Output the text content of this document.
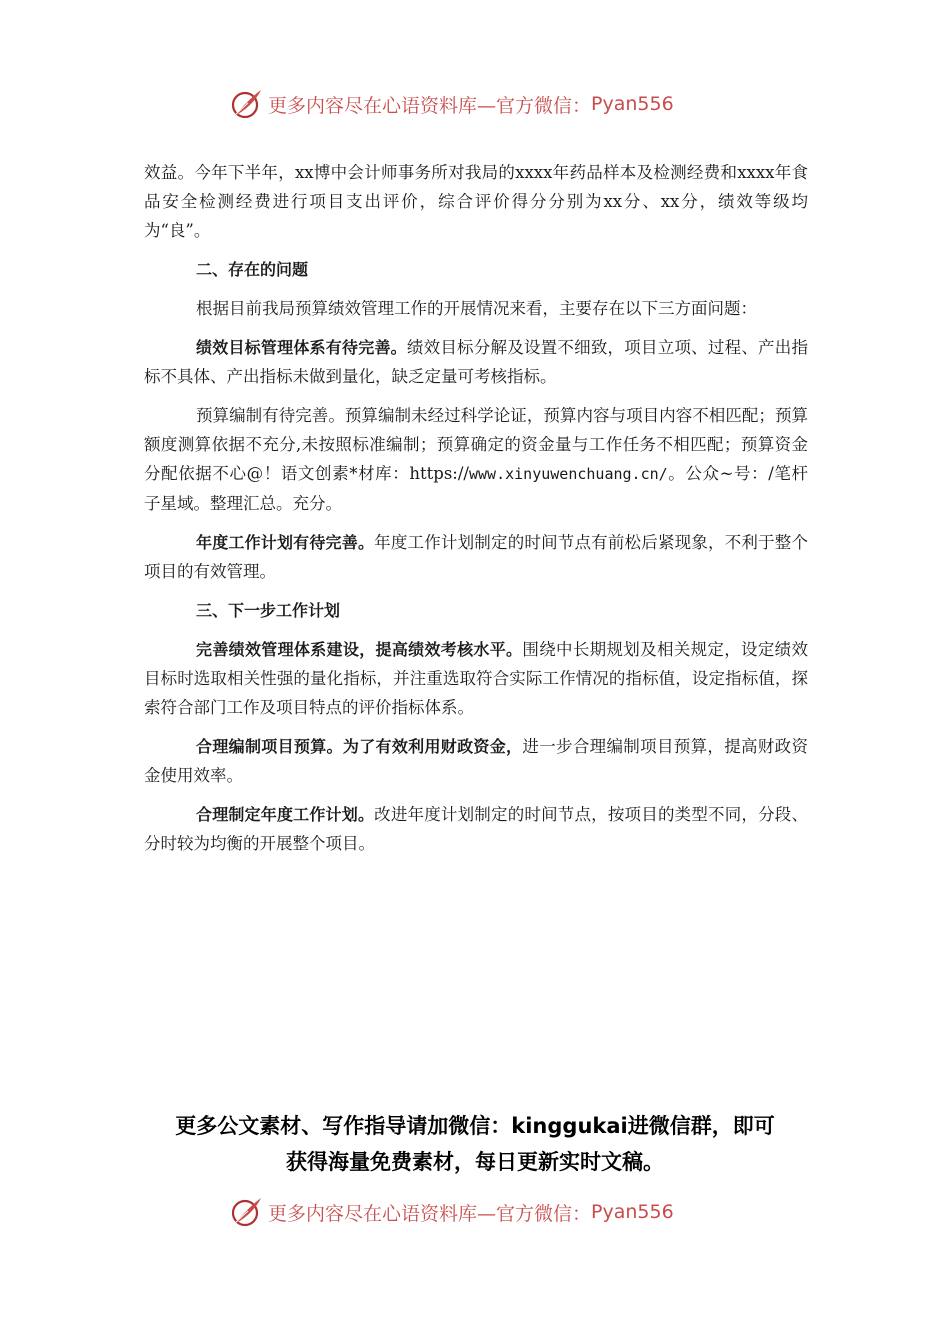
更多内容尽在心语资料库—官方微信： Pyan556

效益。今年下半年，xx博中会计师事务所对我局的xxxx年药品样本及检测经费和xxxx年食品安全检测经费进行项目支出评价，综合评价得分分别为xx分、xx分，绩效等级均为“良”。

二、存在的问题

根据目前我局预算绩效管理工作的开展情况来看，主要存在以下三方面问题：

绩效目标管理体系有待完善。绩效目标分解及设置不细致，项目立项、过程、产出指标不具体、产出指标未做到量化，缺乏定量可考核指标。

预算编制有待完善。预算编制未经过科学论证，预算内容与项目内容不相匹配；预算额度测算依据不充分,未按照标准编制；预算确定的资金量与工作任务不相匹配；预算资金分配依据不心@！语文创素*材库：https://www.xinyuwenchuang.cn/。公众~号：/笔杆子星域。整理汇总。充分。

年度工作计划有待完善。年度工作计划制定的时间节点有前松后紧现象，不利于整个项目的有效管理。

三、下一步工作计划

完善绩效管理体系建设，提高绩效考核水平。围绕中长期规划及相关规定，设定绩效目标时选取相关性强的量化指标，并注重选取符合实际工作情况的指标值，设定指标值，探索符合部门工作及项目特点的评价指标体系。

合理编制项目预算。为了有效利用财政资金，进一步合理编制项目预算，提高财政资金使用效率。

合理制定年度工作计划。改进年度计划制定的时间节点，按项目的类型不同，分段、分时较为均衡的开展整个项目。

更多公文素材、写作指导请加微信：kinggukai进微信群，即可
获得海量免费素材，每日更新实时文稿。
更多内容尽在心语资料库—官方微信： Pyan556
